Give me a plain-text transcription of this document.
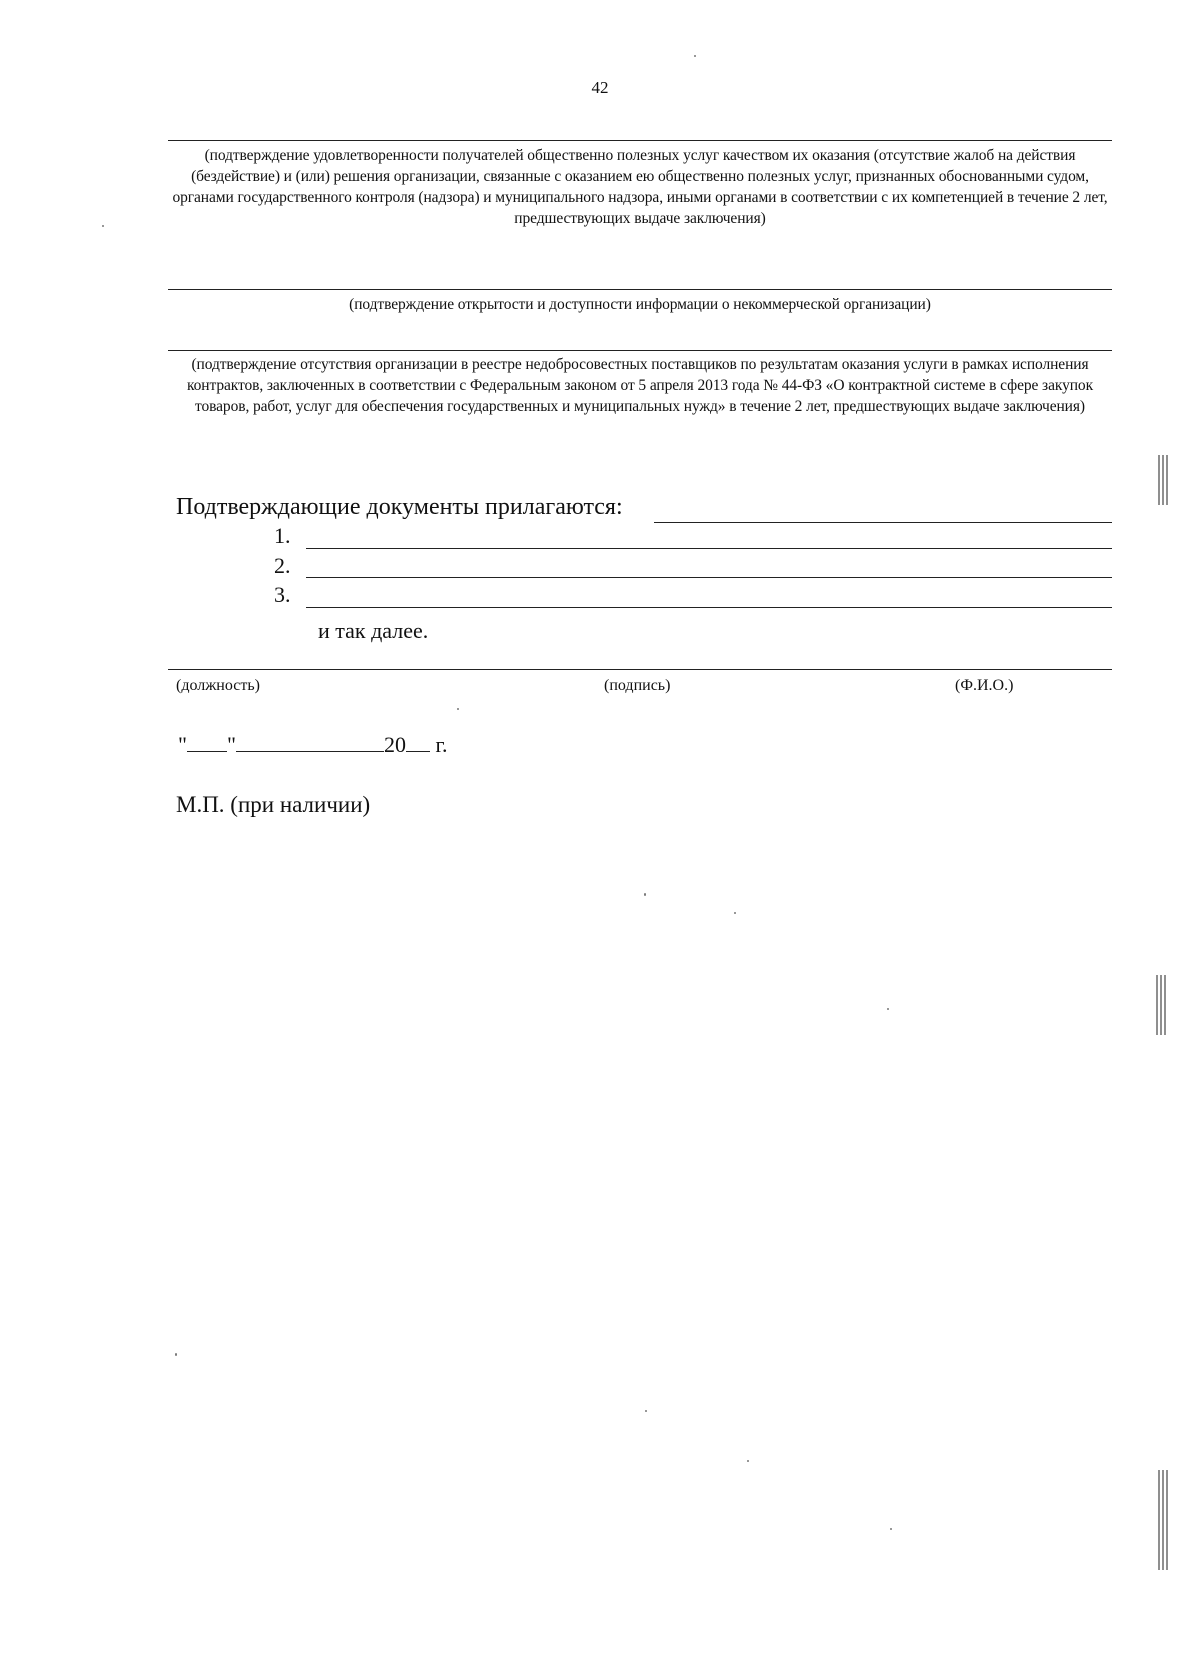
42
(подтверждение удовлетворенности получателей общественно полезных услуг качеством их оказания (отсутствие жалоб на действия (бездействие) и (или) решения организации, связанные с оказанием ею общественно полезных услуг, признанных обоснованными судом, органами государственного контроля (надзора) и муниципального надзора, иными органами в соответствии с их компетенцией в течение 2 лет, предшествующих выдаче заключения)
(подтверждение открытости и доступности информации о некоммерческой организации)
(подтверждение отсутствия организации в реестре недобросовестных поставщиков по результатам оказания услуги в рамках исполнения контрактов, заключенных в соответствии с Федеральным законом от 5 апреля 2013 года № 44-ФЗ «О контрактной системе в сфере закупок товаров, работ, услуг для обеспечения государственных и муниципальных нужд» в течение 2 лет, предшествующих выдаче заключения)
Подтверждающие документы прилагаются:
1.
2.
3.
и так далее.
(должность)	(подпись)	(Ф.И.О.)
" "	20 г.
М.П. (при наличии)
